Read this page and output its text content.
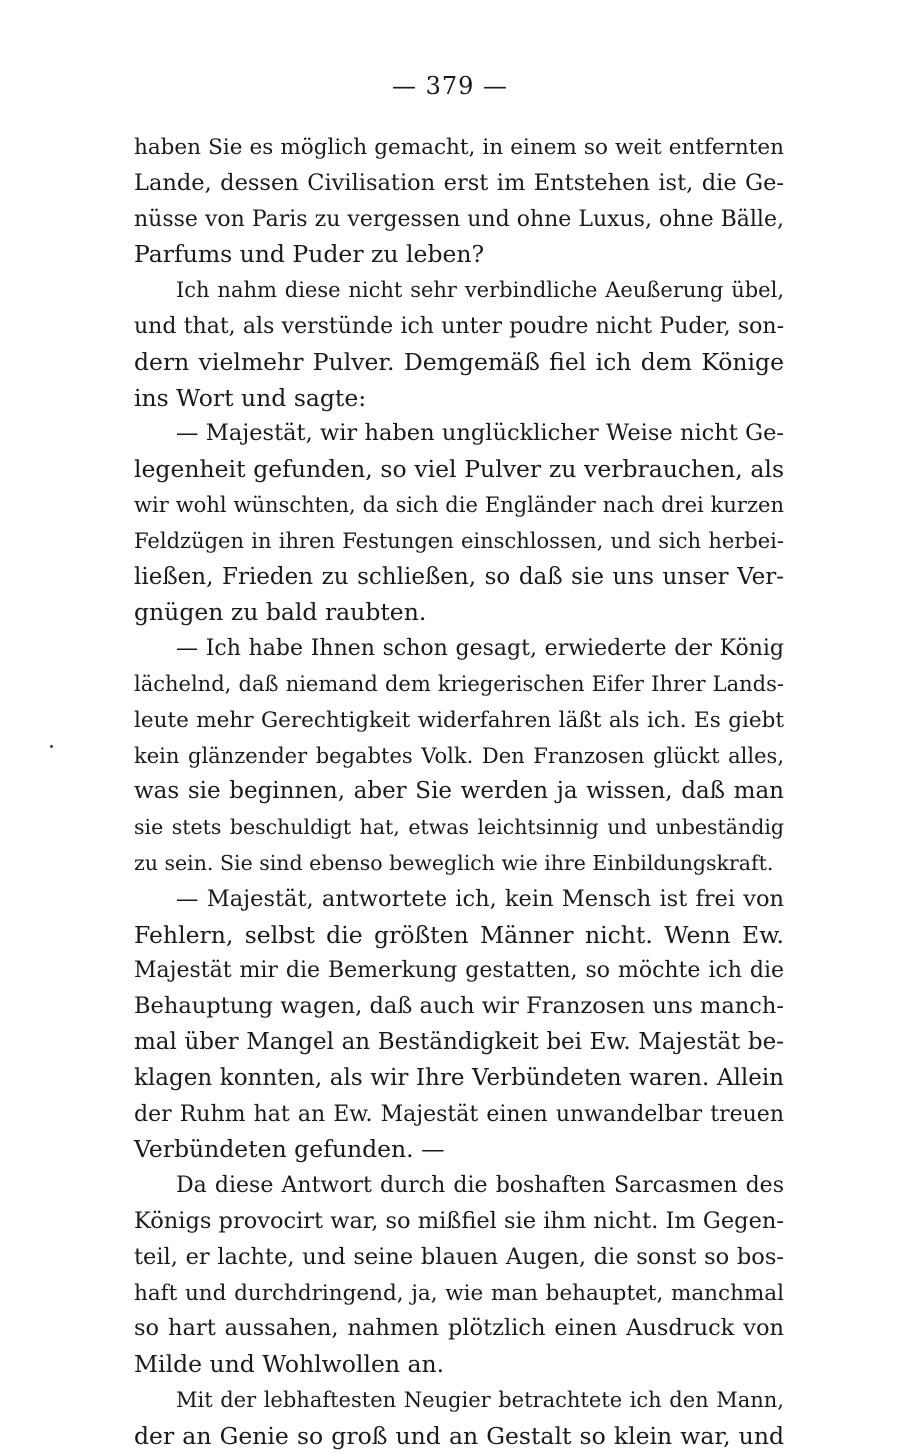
— 379 —
haben Sie es möglich gemacht, in einem so weit entfernten
Lande, dessen Civilisation erst im Entstehen ist, die Ge-
nüsse von Paris zu vergessen und ohne Luxus, ohne Bälle,
Parfums und Puder zu leben?
Ich nahm diese nicht sehr verbindliche Aeußerung übel,
und that, als verstünde ich unter poudre nicht Puder, son-
dern vielmehr Pulver. Demgemäß fiel ich dem Könige
ins Wort und sagte:
— Majestät, wir haben unglücklicher Weise nicht Ge-
legenheit gefunden, so viel Pulver zu verbrauchen, als
wir wohl wünschten, da sich die Engländer nach drei kurzen
Feldzügen in ihren Festungen einschlossen, und sich herbei-
ließen, Frieden zu schließen, so daß sie uns unser Ver-
gnügen zu bald raubten.
— Ich habe Ihnen schon gesagt, erwiederte der König
lächelnd, daß niemand dem kriegerischen Eifer Ihrer Lands-
leute mehr Gerechtigkeit widerfahren läßt als ich. Es giebt
kein glänzender begabtes Volk. Den Franzosen glückt alles,
was sie beginnen, aber Sie werden ja wissen, daß man
sie stets beschuldigt hat, etwas leichtsinnig und unbeständig
zu sein. Sie sind ebenso beweglich wie ihre Einbildungskraft.
— Majestät, antwortete ich, kein Mensch ist frei von
Fehlern, selbst die größten Männer nicht. Wenn Ew.
Majestät mir die Bemerkung gestatten, so möchte ich die
Behauptung wagen, daß auch wir Franzosen uns manch-
mal über Mangel an Beständigkeit bei Ew. Majestät be-
klagen konnten, als wir Ihre Verbündeten waren. Allein
der Ruhm hat an Ew. Majestät einen unwandelbar treuen
Verbündeten gefunden. —
Da diese Antwort durch die boshaften Sarcasmen des
Königs provocirt war, so mißfiel sie ihm nicht. Im Gegen-
teil, er lachte, und seine blauen Augen, die sonst so bos-
haft und durchdringend, ja, wie man behauptet, manchmal
so hart aussahen, nahmen plötzlich einen Ausdruck von
Milde und Wohlwollen an.
Mit der lebhaftesten Neugier betrachtete ich den Mann,
der an Genie so groß und an Gestalt so klein war, und
